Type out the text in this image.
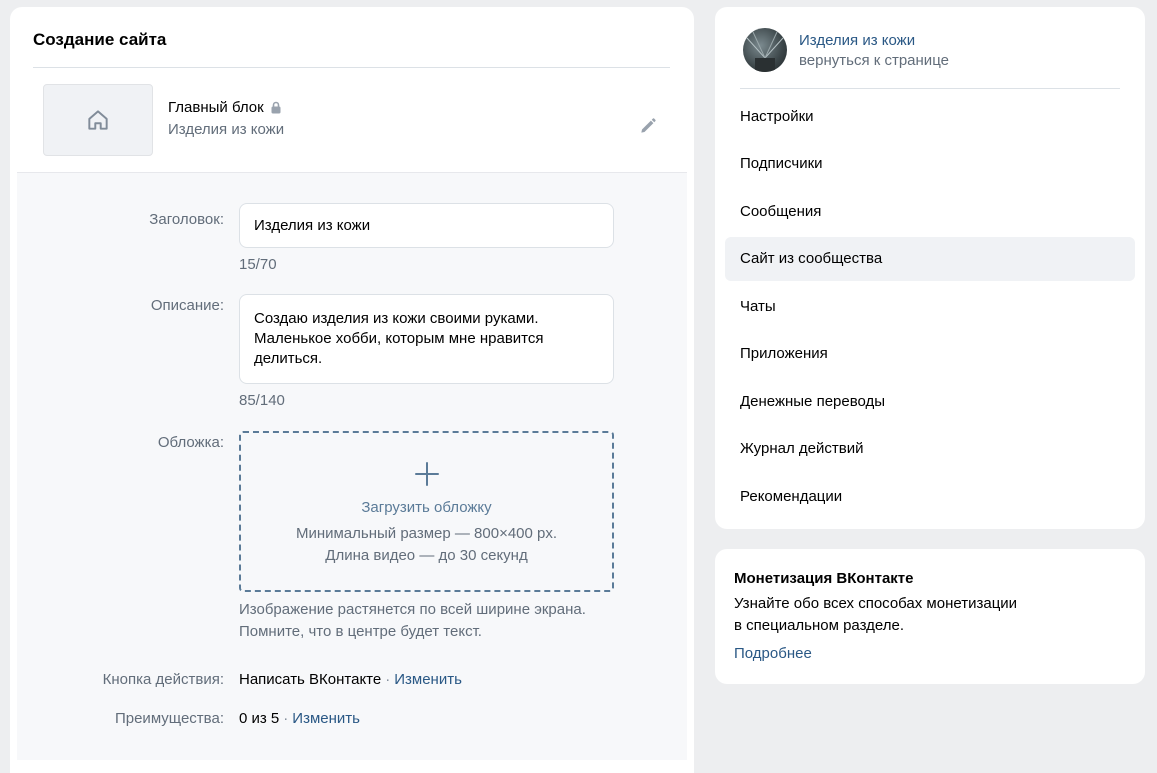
Создание сайта
Главный блок
Изделия из кожи
Заголовок:	Изделия из кожи
15/70
Описание:
Создаю изделия из кожи своими руками.
Маленькое хобби, которым мне нравится
делиться.
85/140
Обложка:
Загрузить обложку
Минимальный размер — 800×400 px.
Длина видео — до 30 секунд
Изображение растянется по всей ширине экрана.
Помните, что в центре будет текст.
Кнопка действия: Написать ВКонтакте · Изменить
Преимущества: 0 из 5 · Изменить
Изделия из кожи
вернуться к странице
Настройки
Подписчики
Сообщения
Сайт из сообщества
Чаты
Приложения
Денежные переводы
Журнал действий
Рекомендации
Монетизация ВКонтакте
Узнайте обо всех способах монетизации
в специальном разделе.
Подробнее
